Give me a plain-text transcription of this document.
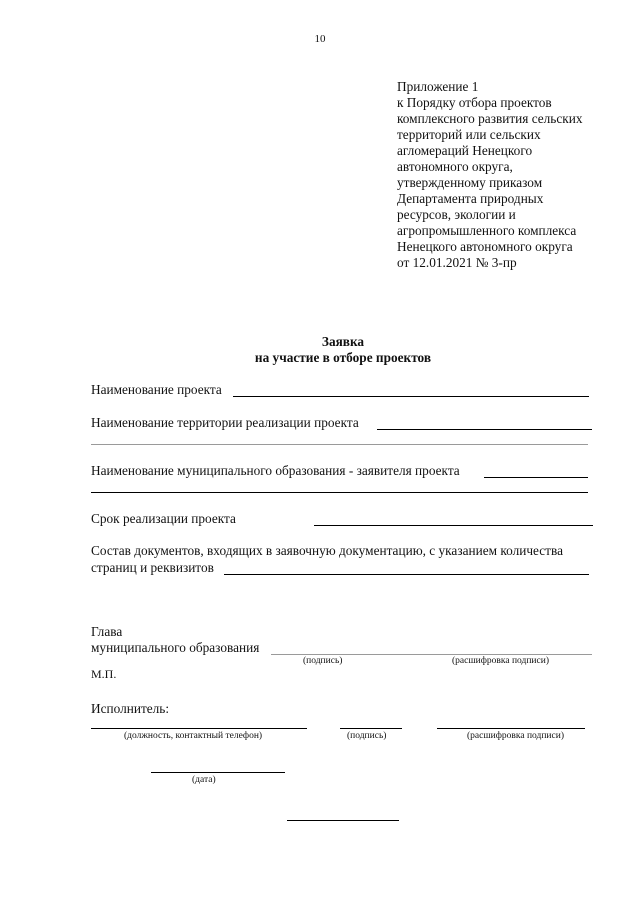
10
Приложение 1
к Порядку отбора проектов
комплексного развития сельских
территорий или сельских
агломераций Ненецкого
автономного округа,
утвержденному приказом
Департамента природных
ресурсов, экологии и
агропромышленного комплекса
Ненецкого автономного округа
от 12.01.2021 № 3-пр
Заявка
на участие в отборе проектов
Наименование проекта
Наименование территории реализации проекта
Наименование муниципального образования - заявителя проекта
Срок реализации проекта
Состав документов, входящих в заявочную документацию, с указанием количества
страниц и реквизитов
Глава
муниципального образования
(подпись)	(расшифровка подписи)
М.П.
Исполнитель:
(должность, контактный телефон)	(подпись)	(расшифровка подписи)
(дата)
